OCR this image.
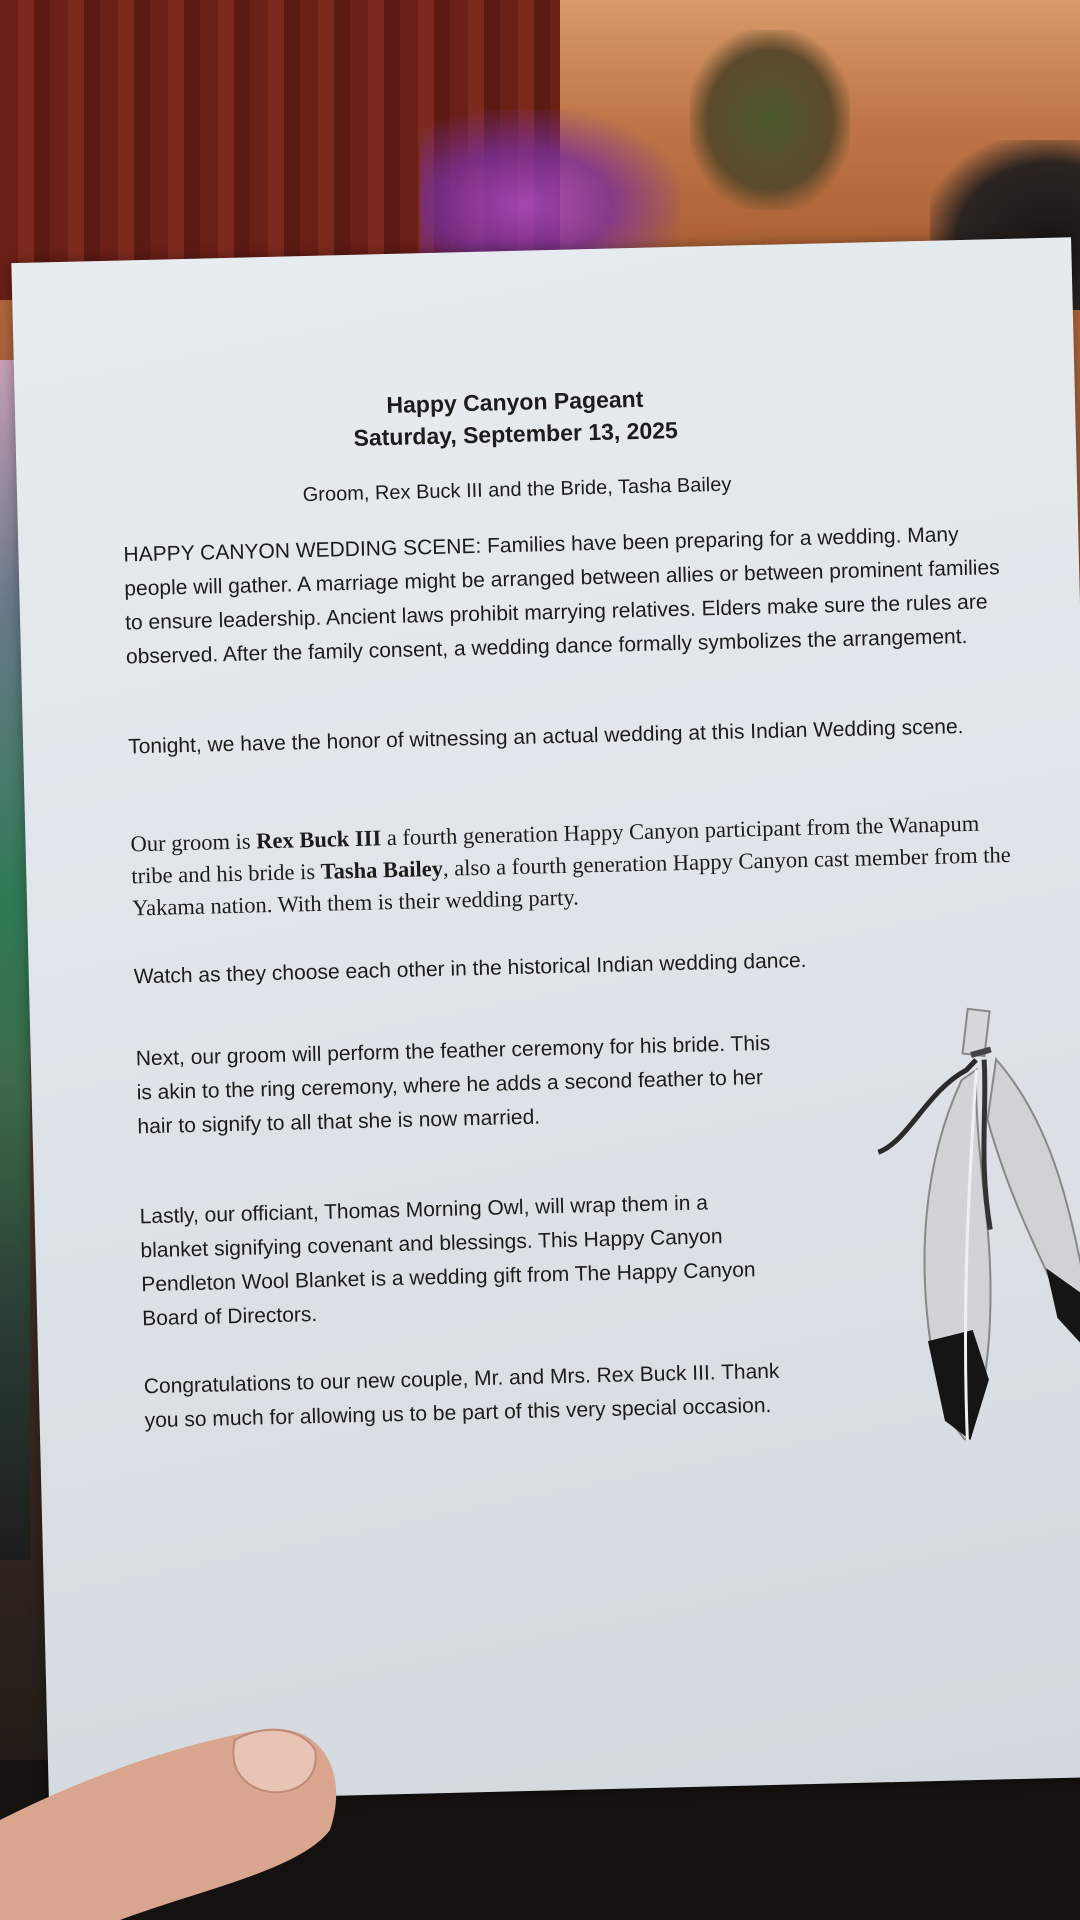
Happy Canyon Pageant
Saturday, September 13, 2025
Groom, Rex Buck III and the Bride, Tasha Bailey
HAPPY CANYON WEDDING SCENE: Families have been preparing for a wedding. Many people will gather. A marriage might be arranged between allies or between prominent families to ensure leadership. Ancient laws prohibit marrying relatives. Elders make sure the rules are observed. After the family consent, a wedding dance formally symbolizes the arrangement.
Tonight, we have the honor of witnessing an actual wedding at this Indian Wedding scene.
Our groom is Rex Buck III a fourth generation Happy Canyon participant from the Wanapum tribe and his bride is Tasha Bailey, also a fourth generation Happy Canyon cast member from the Yakama nation. With them is their wedding party.
Watch as they choose each other in the historical Indian wedding dance.
Next, our groom will perform the feather ceremony for his bride. This is akin to the ring ceremony, where he adds a second feather to her hair to signify to all that she is now married.
Lastly, our officiant, Thomas Morning Owl, will wrap them in a blanket signifying covenant and blessings. This Happy Canyon Pendleton Wool Blanket is a wedding gift from The Happy Canyon Board of Directors.
Congratulations to our new couple, Mr. and Mrs. Rex Buck III. Thank you so much for allowing us to be part of this very special occasion.
